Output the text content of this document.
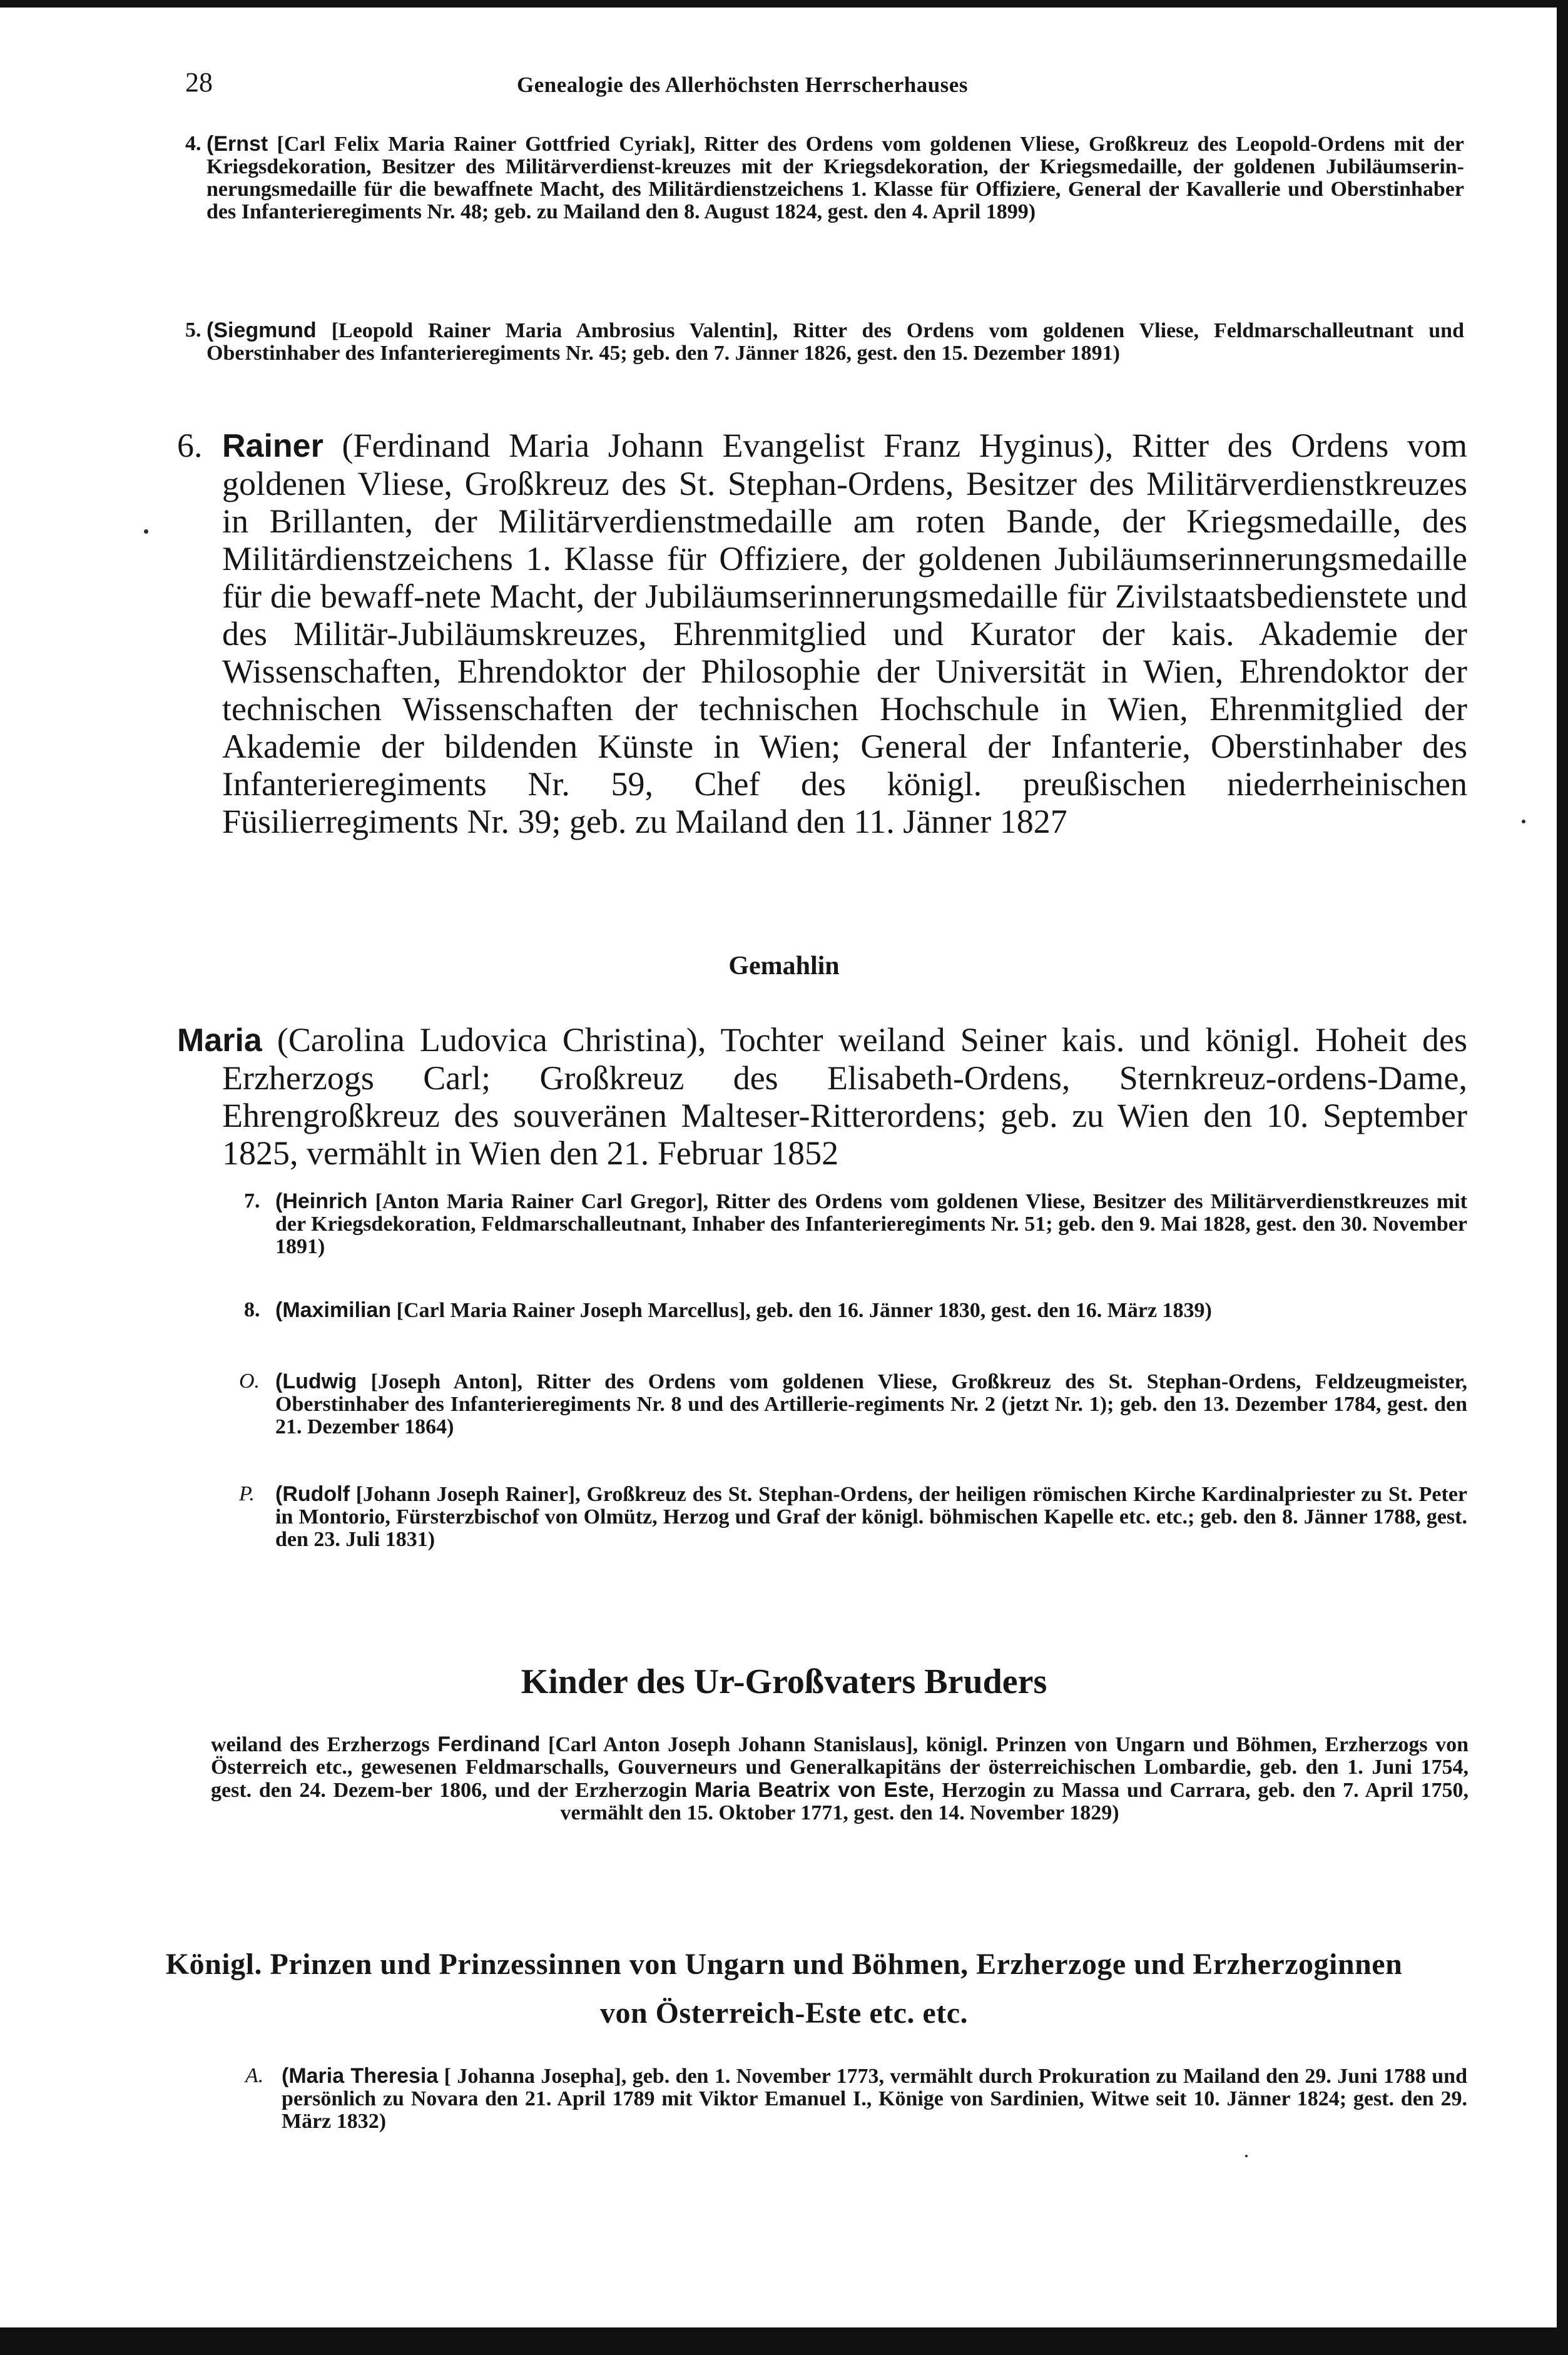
28	Genealogie des Allerhöchsten Herrscherhauses
4. (Ernst [Carl Felix Maria Rainer Gottfried Cyriak], Ritter des Ordens vom goldenen Vliese, Großkreuz des Leopold-Ordens mit der Kriegsdekoration, Besitzer des Militärverdienst-kreuzes mit der Kriegsdekoration, der Kriegsmedaille, der goldenen Jubiläumserin-nerungsmedaille für die bewaffnete Macht, des Militärdienstzeichens 1. Klasse für Offiziere, General der Kavallerie und Oberstinhaber des Infanterieregiments Nr. 48; geb. zu Mailand den 8. August 1824, gest. den 4. April 1899)
5. (Siegmund [Leopold Rainer Maria Ambrosius Valentin], Ritter des Ordens vom goldenen Vliese, Feldmarschalleutnant und Oberstinhaber des Infanterieregiments Nr. 45; geb. den 7. Jänner 1826, gest. den 15. Dezember 1891)
6. Rainer (Ferdinand Maria Johann Evangelist Franz Hyginus), Ritter des Ordens vom goldenen Vliese, Großkreuz des St. Stephan-Ordens, Besitzer des Militärverdienstkreuzes in Brillanten, der Militärverdienstmedaille am roten Bande, der Kriegsmedaille, des Militärdienstzeichens 1. Klasse für Offiziere, der goldenen Jubiläumserinnerungsmedaille für die bewaff-nete Macht, der Jubiläumserinnerungsmedaille für Zivilstaatsbedienstete und des Militär-Jubiläumskreuzes, Ehrenmitglied und Kurator der kais. Akademie der Wissenschaften, Ehrendoktor der Philosophie der Universität in Wien, Ehrendoktor der technischen Wissenschaften der technischen Hochschule in Wien, Ehrenmitglied der Akademie der bildenden Künste in Wien; General der Infanterie, Oberstinhaber des Infanterieregiments Nr. 59, Chef des königl. preußischen niederrheinischen Füsilierregiments Nr. 39; geb. zu Mailand den 11. Jänner 1827
Gemahlin
Maria (Carolina Ludovica Christina), Tochter weiland Seiner kais. und königl. Hoheit des Erzherzogs Carl; Großkreuz des Elisabeth-Ordens, Sternkreuz-ordens-Dame, Ehrengroßkreuz des souveränen Malteser-Ritterordens; geb. zu Wien den 10. September 1825, vermählt in Wien den 21. Februar 1852
7. (Heinrich [Anton Maria Rainer Carl Gregor], Ritter des Ordens vom goldenen Vliese, Besitzer des Militärverdienstkreuzes mit der Kriegsdekoration, Feldmarschalleutnant, Inhaber des Infanterieregiments Nr. 51; geb. den 9. Mai 1828, gest. den 30. November 1891)
8. (Maximilian [Carl Maria Rainer Joseph Marcellus], geb. den 16. Jänner 1830, gest. den 16. März 1839)
O. (Ludwig [Joseph Anton], Ritter des Ordens vom goldenen Vliese, Großkreuz des St. Stephan-Ordens, Feldzeugmeister, Oberstinhaber des Infanterieregiments Nr. 8 und des Artillerie-regiments Nr. 2 (jetzt Nr. 1); geb. den 13. Dezember 1784, gest. den 21. Dezember 1864)
P. (Rudolf [Johann Joseph Rainer], Großkreuz des St. Stephan-Ordens, der heiligen römischen Kirche Kardinalpriester zu St. Peter in Montorio, Fürsterzbischof von Olmütz, Herzog und Graf der königl. böhmischen Kapelle etc. etc.; geb. den 8. Jänner 1788, gest. den 23. Juli 1831)
Kinder des Ur-Großvaters Bruders
weiland des Erzherzogs Ferdinand [Carl Anton Joseph Johann Stanislaus], königl. Prinzen von Ungarn und Böhmen, Erzherzogs von Österreich etc., gewesenen Feldmarschalls, Gouverneurs und Generalkapitäns der österreichischen Lombardie, geb. den 1. Juni 1754, gest. den 24. Dezem-ber 1806, und der Erzherzogin Maria Beatrix von Este, Herzogin zu Massa und Carrara, geb. den 7. April 1750, vermählt den 15. Oktober 1771, gest. den 14. November 1829)
Königl. Prinzen und Prinzessinnen von Ungarn und Böhmen, Erzherzoge und Erzherzoginnen
von Österreich-Este etc. etc.
A. (Maria Theresia [ Johanna Josepha], geb. den 1. November 1773, vermählt durch Prokuration zu Mailand den 29. Juni 1788 und persönlich zu Novara den 21. April 1789 mit Viktor Emanuel I., Könige von Sardinien, Witwe seit 10. Jänner 1824; gest. den 29. März 1832)
